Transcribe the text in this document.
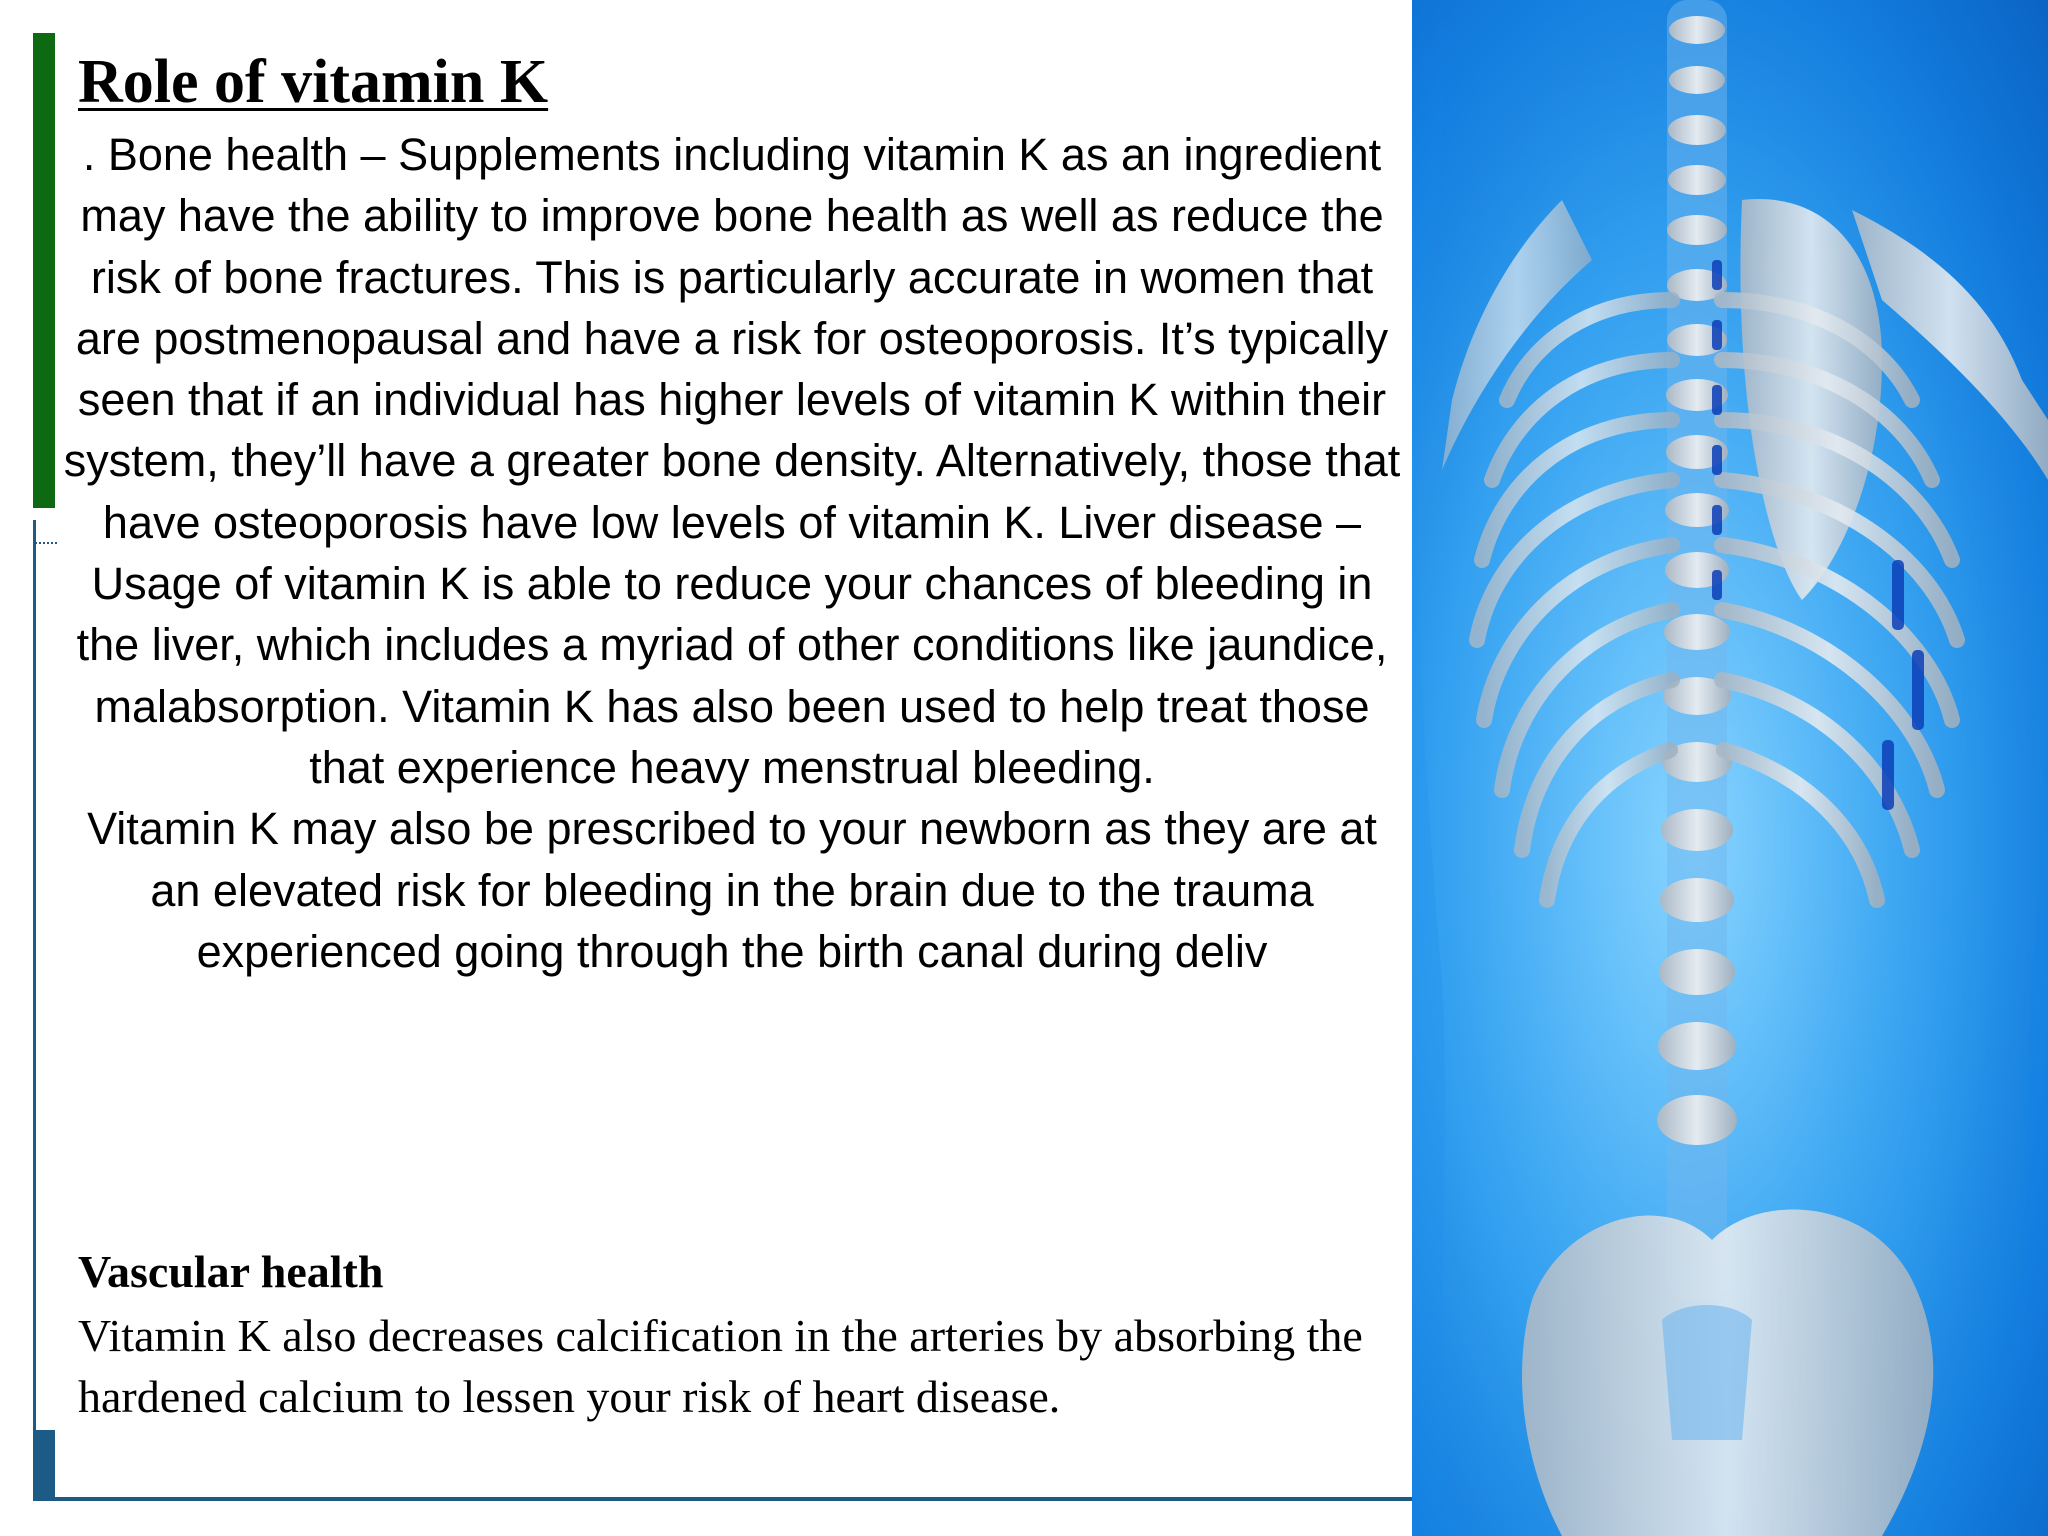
Role of vitamin K

. Bone health – Supplements including vitamin K as an ingredient may have the ability to improve bone health as well as reduce the risk of bone fractures. This is particularly accurate in women that are postmenopausal and have a risk for osteoporosis. It’s typically seen that if an individual has higher levels of vitamin K within their system, they’ll have a greater bone density. Alternatively, those that have osteoporosis have low levels of vitamin K. Liver disease – Usage of vitamin K is able to reduce your chances of bleeding in the liver, which includes a myriad of other conditions like jaundice, malabsorption. Vitamin K has also been used to help treat those that experience heavy menstrual bleeding.

Vitamin K may also be prescribed to your newborn as they are at an elevated risk for bleeding in the brain due to the trauma experienced going through the birth canal during deliv

Vascular health

Vitamin K also decreases calcification in the arteries by absorbing the hardened calcium to lessen your risk of heart disease.
